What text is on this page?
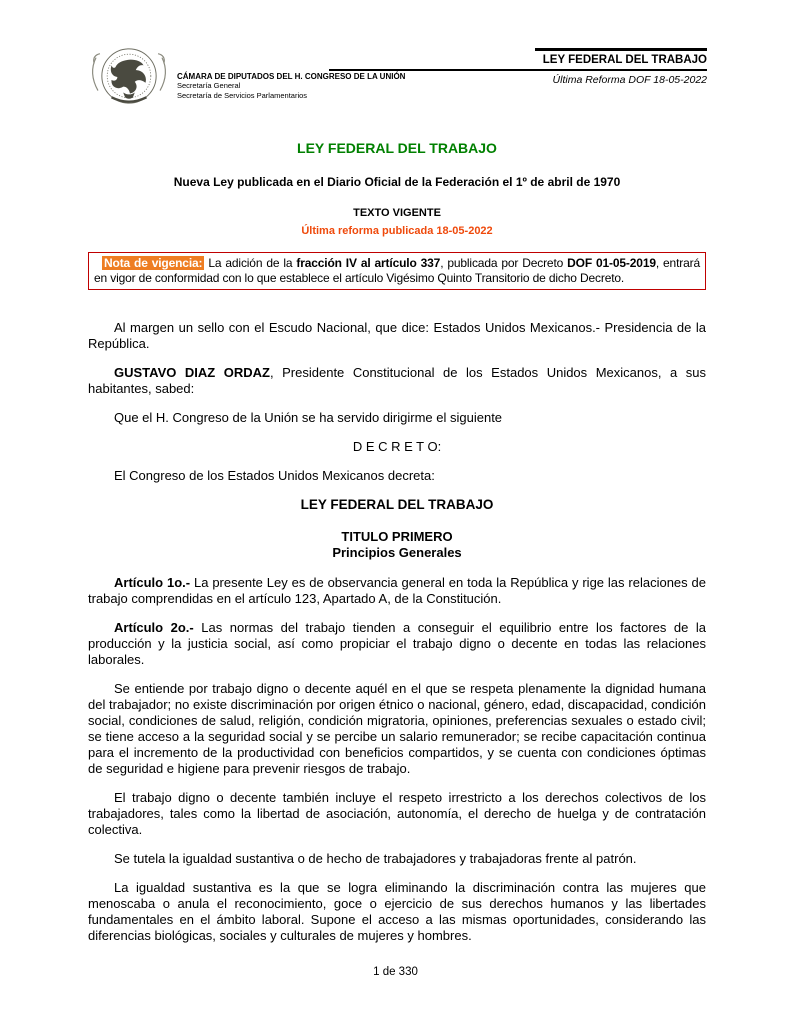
CÁMARA DE DIPUTADOS DEL H. CONGRESO DE LA UNIÓN
Secretaría General
Secretaría de Servicios Parlamentarios
LEY FEDERAL DEL TRABAJO
Última Reforma DOF 18-05-2022
LEY FEDERAL DEL TRABAJO
Nueva Ley publicada en el Diario Oficial de la Federación el 1º de abril de 1970
TEXTO VIGENTE
Última reforma publicada 18-05-2022
Nota de vigencia: La adición de la fracción IV al artículo 337, publicada por Decreto DOF 01-05-2019, entrará en vigor de conformidad con lo que establece el artículo Vigésimo Quinto Transitorio de dicho Decreto.

Al margen un sello con el Escudo Nacional, que dice: Estados Unidos Mexicanos.- Presidencia de la República.

GUSTAVO DIAZ ORDAZ, Presidente Constitucional de los Estados Unidos Mexicanos, a sus habitantes, sabed:

Que el H. Congreso de la Unión se ha servido dirigirme el siguiente

D E C R E T O:

El Congreso de los Estados Unidos Mexicanos decreta:

LEY FEDERAL DEL TRABAJO
TITULO PRIMERO
Principios Generales

Artículo 1o.- La presente Ley es de observancia general en toda la República y rige las relaciones de trabajo comprendidas en el artículo 123, Apartado A, de la Constitución.

Artículo 2o.- Las normas del trabajo tienden a conseguir el equilibrio entre los factores de la producción y la justicia social, así como propiciar el trabajo digno o decente en todas las relaciones laborales.

Se entiende por trabajo digno o decente aquél en el que se respeta plenamente la dignidad humana del trabajador; no existe discriminación por origen étnico o nacional, género, edad, discapacidad, condición social, condiciones de salud, religión, condición migratoria, opiniones, preferencias sexuales o estado civil; se tiene acceso a la seguridad social y se percibe un salario remunerador; se recibe capacitación continua para el incremento de la productividad con beneficios compartidos, y se cuenta con condiciones óptimas de seguridad e higiene para prevenir riesgos de trabajo.

El trabajo digno o decente también incluye el respeto irrestricto a los derechos colectivos de los trabajadores, tales como la libertad de asociación, autonomía, el derecho de huelga y de contratación colectiva.

Se tutela la igualdad sustantiva o de hecho de trabajadores y trabajadoras frente al patrón.

La igualdad sustantiva es la que se logra eliminando la discriminación contra las mujeres que menoscaba o anula el reconocimiento, goce o ejercicio de sus derechos humanos y las libertades fundamentales en el ámbito laboral. Supone el acceso a las mismas oportunidades, considerando las diferencias biológicas, sociales y culturales de mujeres y hombres.

1 de 330
